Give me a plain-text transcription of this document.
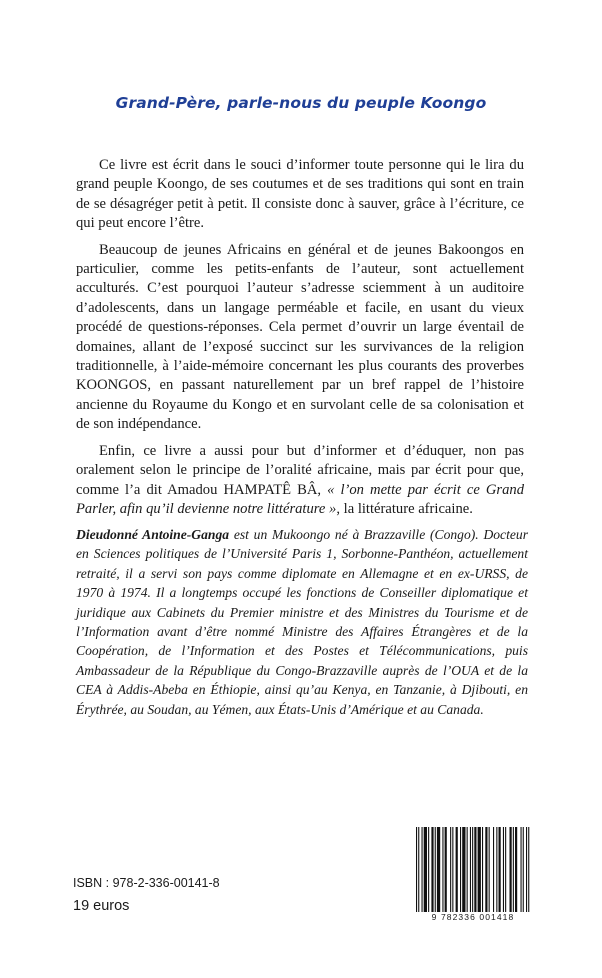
Grand-Père, parle-nous du peuple Koongo

Ce livre est écrit dans le souci d’informer toute personne qui le lira du grand peuple Koongo, de ses coutumes et de ses traditions qui sont en train de se désagréger petit à petit. Il consiste donc à sauver, grâce à l’écriture, ce qui peut encore l’être.

Beaucoup de jeunes Africains en général et de jeunes Bakoongos en particulier, comme les petits-enfants de l’auteur, sont actuellement acculturés. C’est pourquoi l’auteur s’adresse sciemment à un auditoire d’adolescents, dans un langage perméable et facile, en usant du vieux procédé de questions-réponses. Cela permet d’ouvrir un large éventail de domaines, allant de l’exposé succinct sur les survivances de la religion traditionnelle, à l’aide-mémoire concernant les plus courants des proverbes KOONGOS, en passant naturellement par un bref rappel de l’histoire ancienne du Royaume du Kongo et en survolant celle de sa colonisation et de son indépendance.

Enfin, ce livre a aussi pour but d’informer et d’éduquer, non pas oralement selon le principe de l’oralité africaine, mais par écrit pour que, comme l’a dit Amadou HAMPATÊ BÂ, « l’on mette par écrit ce Grand Parler, afin qu’il devienne notre littérature », la littérature africaine.

Dieudonné Antoine-Ganga est un Mukoongo né à Brazzaville (Congo). Docteur en Sciences politiques de l’Université Paris 1, Sorbonne-Panthéon, actuellement retraité, il a servi son pays comme diplomate en Allemagne et en ex-URSS, de 1970 à 1974. Il a longtemps occupé les fonctions de Conseiller diplomatique et juridique aux Cabinets du Premier ministre et des Ministres du Tourisme et de l’Information avant d’être nommé Ministre des Affaires Étrangères et de la Coopération, de l’Information et des Postes et Télécommunications, puis Ambassadeur de la République du Congo-Brazzaville auprès de l’OUA et de la CEA à Addis-Abeba en Éthiopie, ainsi qu’au Kenya, en Tanzanie, à Djibouti, en Érythrée, au Soudan, au Yémen, aux États-Unis d’Amérique et au Canada.

ISBN : 978-2-336-00141-8

19 euros

9 782336 001418
